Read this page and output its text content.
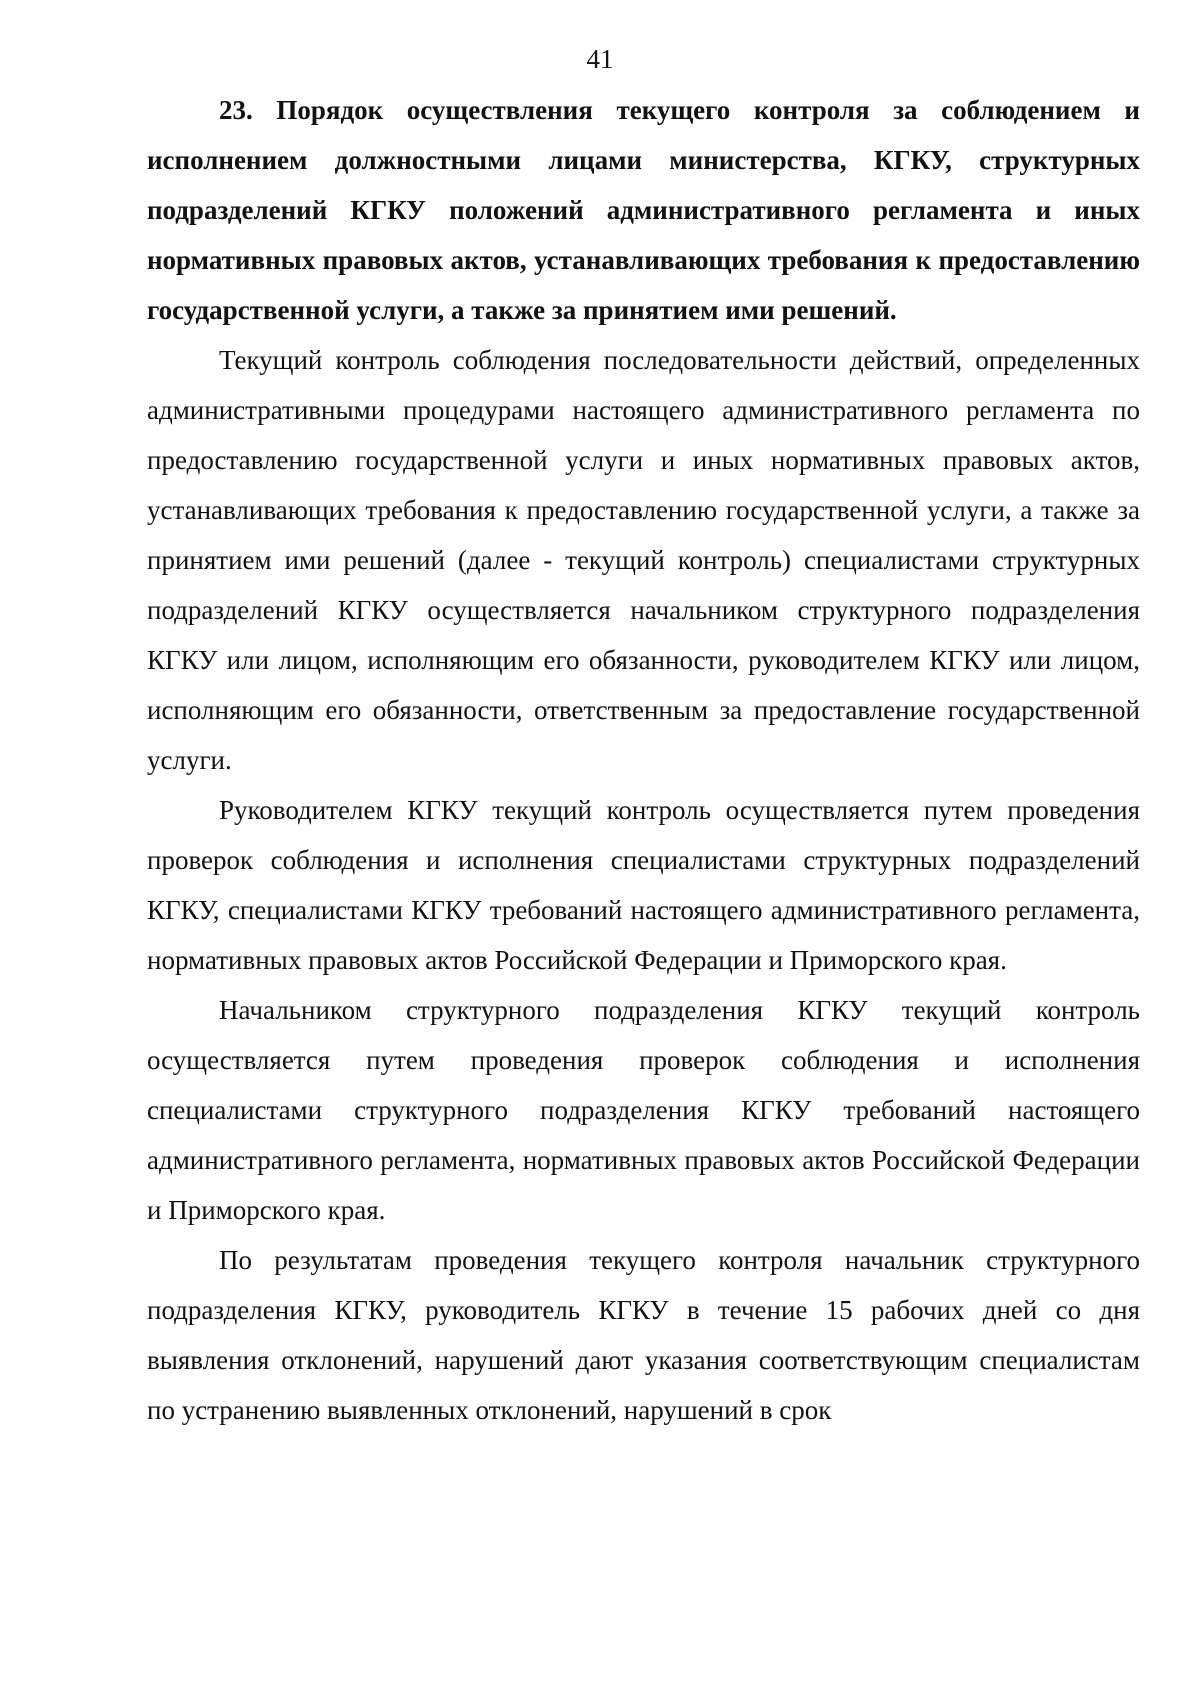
41

23. Порядок осуществления текущего контроля за соблюдением и исполнением должностными лицами министерства, КГКУ, структурных подразделений КГКУ положений административного регламента и иных нормативных правовых актов, устанавливающих требования к предоставлению государственной услуги, а также за принятием ими решений.

Текущий контроль соблюдения последовательности действий, определенных административными процедурами настоящего административного регламента по предоставлению государственной услуги и иных нормативных правовых актов, устанавливающих требования к предоставлению государственной услуги, а также за принятием ими решений (далее - текущий контроль) специалистами структурных подразделений КГКУ осуществляется начальником структурного подразделения КГКУ или лицом, исполняющим его обязанности, руководителем КГКУ или лицом, исполняющим его обязанности, ответственным за предоставление государственной услуги.

Руководителем КГКУ текущий контроль осуществляется путем проведения проверок соблюдения и исполнения специалистами структурных подразделений КГКУ, специалистами КГКУ требований настоящего административного регламента, нормативных правовых актов Российской Федерации и Приморского края.

Начальником структурного подразделения КГКУ текущий контроль осуществляется путем проведения проверок соблюдения и исполнения специалистами структурного подразделения КГКУ требований настоящего административного регламента, нормативных правовых актов Российской Федерации и Приморского края.

По результатам проведения текущего контроля начальник структурного подразделения КГКУ, руководитель КГКУ в течение 15 рабочих дней со дня выявления отклонений, нарушений дают указания соответствующим специалистам по устранению выявленных отклонений, нарушений в срок
